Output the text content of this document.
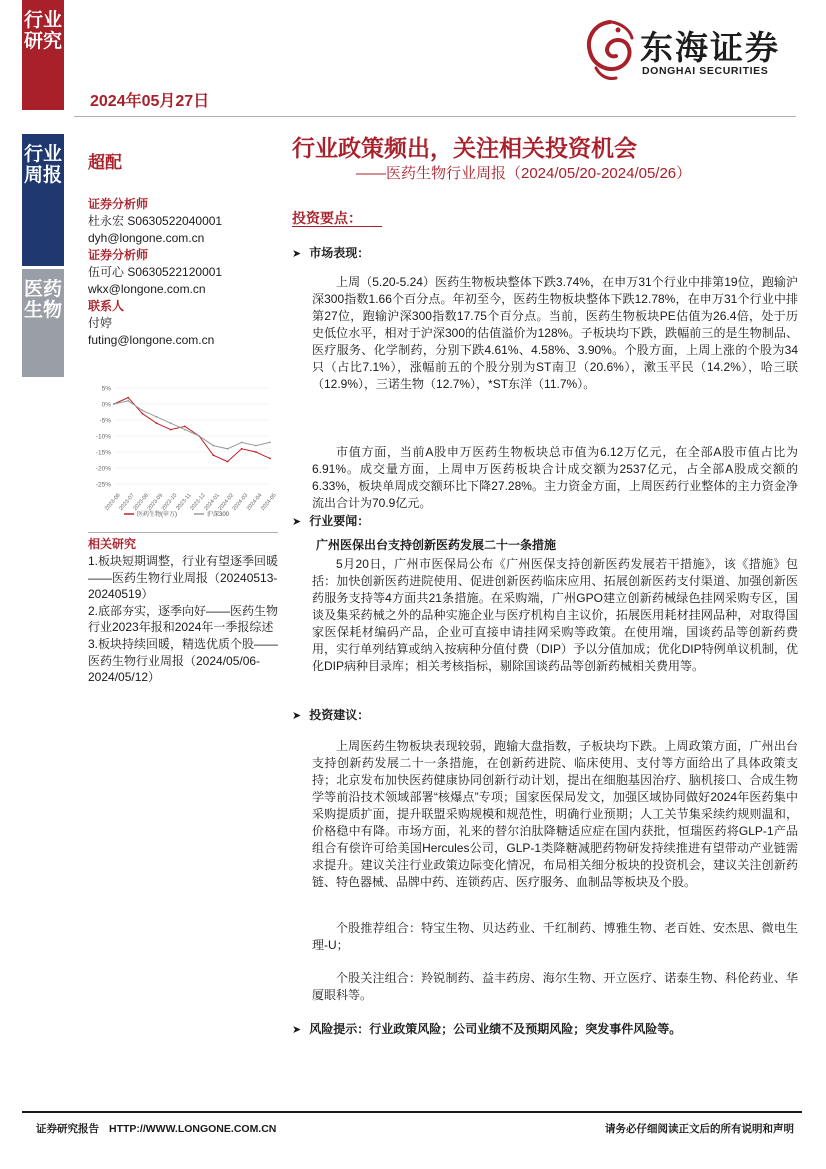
行业研究
行业周报
医药生物
2024年05月27日
东海证券
DONGHAI SECURITIES
超配
证券分析师
杜永宏 S0630522040001
dyh@longone.com.cn
证券分析师
伍可心 S0630522120001
wkx@longone.com.cn
联系人
付婷
futing@longone.com.cn
5%
0%
-5%
-10%
-15%
-20%
-25%
2023-06
2023-07
2023-08
2023-09
2023-10
2023-11
2023-12
2024-01
2024-02
2024-03
2024-04
2024-05
医药生物(申万)	沪深300
相关研究
1.板块短期调整，行业有望逐季回暖——医药生物行业周报（20240513-20240519）
2.底部夯实，逐季向好——医药生物行业2023年报和2024年一季报综述
3.板块持续回暖，精选优质个股——医药生物行业周报（2024/05/06-2024/05/12）
行业政策频出，关注相关投资机会
——医药生物行业周报（2024/05/20-2024/05/26）
投资要点：
➤ 市场表现：
上周（5.20-5.24）医药生物板块整体下跌3.74%，在申万31个行业中排第19位，跑输沪深300指数1.66个百分点。年初至今，医药生物板块整体下跌12.78%，在申万31个行业中排第27位，跑输沪深300指数17.75个百分点。当前，医药生物板块PE估值为26.4倍，处于历史低位水平，相对于沪深300的估值溢价为128%。子板块均下跌，跌幅前三的是生物制品、医疗服务、化学制药，分别下跌4.61%、4.58%、3.90%。个股方面，上周上涨的个股为34只（占比7.1%），涨幅前五的个股分别为ST南卫（20.6%），漱玉平民（14.2%），哈三联（12.9%），三诺生物（12.7%），*ST东洋（11.7%）。
市值方面，当前A股申万医药生物板块总市值为6.12万亿元，在全部A股市值占比为6.91%。成交量方面，上周申万医药板块合计成交额为2537亿元，占全部A股成交额的6.33%，板块单周成交额环比下降27.28%。主力资金方面，上周医药行业整体的主力资金净流出合计为70.9亿元。
➤ 行业要闻：
广州医保出台支持创新医药发展二十一条措施
5月20日，广州市医保局公布《广州医保支持创新医药发展若干措施》，该《措施》包括：加快创新医药进院使用、促进创新医药临床应用、拓展创新医药支付渠道、加强创新医药服务支持等4方面共21条措施。在采购端，广州GPO建立创新药械绿色挂网采购专区，国谈及集采药械之外的品种实施企业与医疗机构自主议价，拓展医用耗材挂网品种，对取得国家医保耗材编码产品，企业可直接申请挂网采购等政策。在使用端，国谈药品等创新药费用，实行单列结算或纳入按病种分值付费（DIP）予以分值加成；优化DIP特例单议机制，优化DIP病种目录库；相关考核指标，剔除国谈药品等创新药械相关费用等。
➤ 投资建议：
上周医药生物板块表现较弱，跑输大盘指数，子板块均下跌。上周政策方面，广州出台支持创新药发展二十一条措施，在创新药进院、临床使用、支付等方面给出了具体政策支持；北京发布加快医药健康协同创新行动计划，提出在细胞基因治疗、脑机接口、合成生物学等前沿技术领域部署“核爆点”专项；国家医保局发文，加强区域协同做好2024年医药集中采购提质扩面，提升联盟采购规模和规范性，明确行业预期；人工关节集采续约规则温和，价格稳中有降。市场方面，礼来的替尔泊肽降糖适应症在国内获批，恒瑞医药将GLP-1产品组合有偿许可给美国Hercules公司，GLP-1类降糖减肥药物研发持续推进有望带动产业链需求提升。建议关注行业政策边际变化情况，布局相关细分板块的投资机会，建议关注创新药链、特色器械、品牌中药、连锁药店、医疗服务、血制品等板块及个股。
个股推荐组合：特宝生物、贝达药业、千红制药、博雅生物、老百姓、安杰思、微电生理-U；
个股关注组合：羚锐制药、益丰药房、海尔生物、开立医疗、诺泰生物、科伦药业、华厦眼科等。
➤ 风险提示：行业政策风险；公司业绩不及预期风险；突发事件风险等。
证券研究报告 HTTP://WWW.LONGONE.COM.CN	请务必仔细阅读正文后的所有说明和声明
